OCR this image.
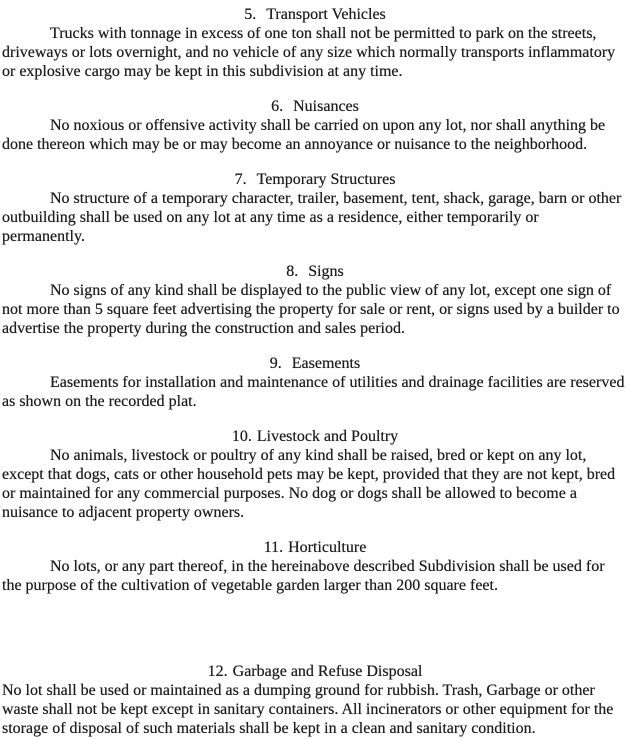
5. Transport Vehicles
Trucks with tonnage in excess of one ton shall not be permitted to park on the streets,
driveways or lots overnight, and no vehicle of any size which normally transports inflammatory
or explosive cargo may be kept in this subdivision at any time.
6. Nuisances
No noxious or offensive activity shall be carried on upon any lot, nor shall anything be
done thereon which may be or may become an annoyance or nuisance to the neighborhood.
7. Temporary Structures
No structure of a temporary character, trailer, basement, tent, shack, garage, barn or other
outbuilding shall be used on any lot at any time as a residence, either temporarily or
permanently.
8. Signs
No signs of any kind shall be displayed to the public view of any lot, except one sign of
not more than 5 square feet advertising the property for sale or rent, or signs used by a builder to
advertise the property during the construction and sales period.
9. Easements
Easements for installation and maintenance of utilities and drainage facilities are reserved
as shown on the recorded plat.
10. Livestock and Poultry
No animals, livestock or poultry of any kind shall be raised, bred or kept on any lot,
except that dogs, cats or other household pets may be kept, provided that they are not kept, bred
or maintained for any commercial purposes. No dog or dogs shall be allowed to become a
nuisance to adjacent property owners.
11. Horticulture
No lots, or any part thereof, in the hereinabove described Subdivision shall be used for
the purpose of the cultivation of vegetable garden larger than 200 square feet.
12. Garbage and Refuse Disposal
No lot shall be used or maintained as a dumping ground for rubbish. Trash, Garbage or other
waste shall not be kept except in sanitary containers. All incinerators or other equipment for the
storage of disposal of such materials shall be kept in a clean and sanitary condition.
